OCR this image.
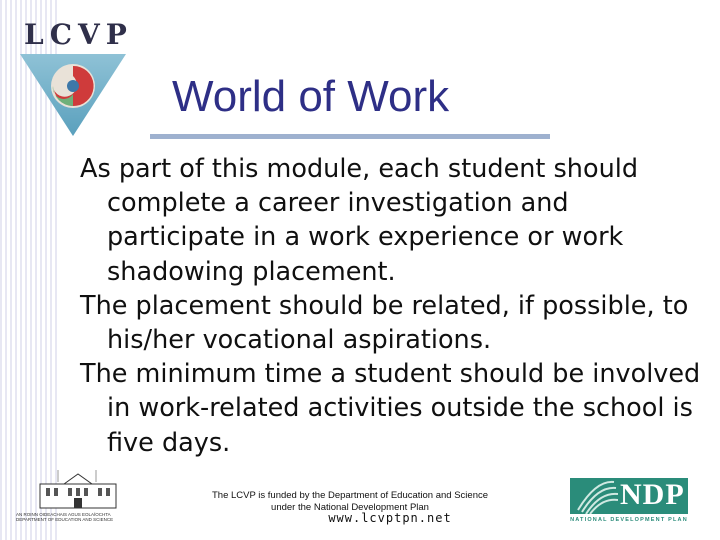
LCVP
World of Work

As part of this module, each student should complete a career investigation and participate in a work experience or work shadowing placement.

The placement should be related, if possible, to his/her vocational aspirations.

The minimum time a student should be involved in work-related activities outside the school is five days.

AN ROINN OIDEACHAIS AGUS EOLAÍOCHTA DEPARTMENT OF EDUCATION AND SCIENCE
The LCVP is funded by the Department of Education and Science
under the National Development Plan
www.lcvptpn.net
NDP
NATIONAL DEVELOPMENT PLAN
